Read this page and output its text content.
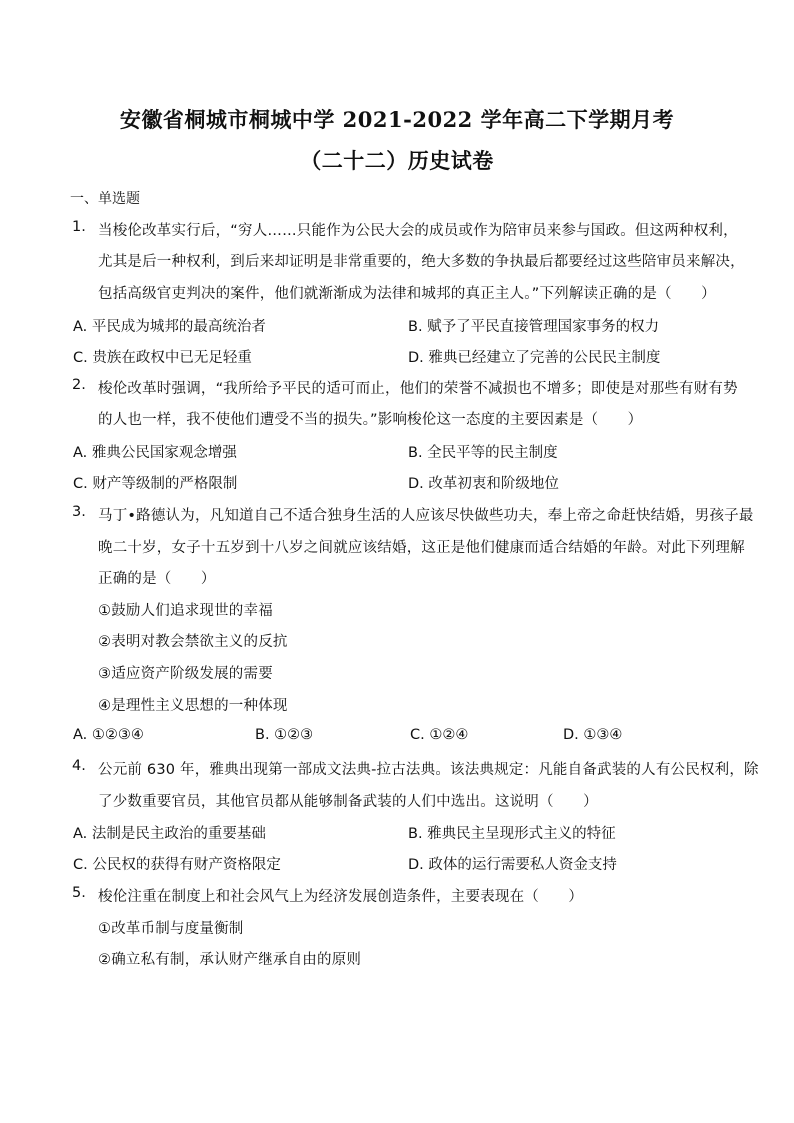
安徽省桐城市桐城中学 2021-2022 学年高二下学期月考
（二十二）历史试卷
一、单选题
1. 当梭伦改革实行后，“穷人……只能作为公民大会的成员或作为陪审员来参与国政。但这两种权利，
尤其是后一种权利，到后来却证明是非常重要的，绝大多数的争执最后都要经过这些陪审员来解决，
包括高级官吏判决的案件，他们就渐渐成为法律和城邦的真正主人。”下列解读正确的是（　　）
A. 平民成为城邦的最高统治者	B. 赋予了平民直接管理国家事务的权力
C. 贵族在政权中已无足轻重	D. 雅典已经建立了完善的公民民主制度
2. 梭伦改革时强调，“我所给予平民的适可而止，他们的荣誉不减损也不增多；即使是对那些有财有势
的人也一样，我不使他们遭受不当的损失。”影响梭伦这一态度的主要因素是（　　）
A. 雅典公民国家观念增强	B. 全民平等的民主制度
C. 财产等级制的严格限制	D. 改革初衷和阶级地位
3. 马丁•路德认为，凡知道自己不适合独身生活的人应该尽快做些功夫，奉上帝之命赶快结婚，男孩子最
晚二十岁，女子十五岁到十八岁之间就应该结婚，这正是他们健康而适合结婚的年龄。对此下列理解
正确的是（　　）
①鼓励人们追求现世的幸福
②表明对教会禁欲主义的反抗
③适应资产阶级发展的需要
④是理性主义思想的一种体现
A. ①②③④	B. ①②③	C. ①②④	D. ①③④
4. 公元前 630 年，雅典出现第一部成文法典-拉古法典。该法典规定：凡能自备武装的人有公民权利，除
了少数重要官员，其他官员都从能够制备武装的人们中选出。这说明（　　）
A. 法制是民主政治的重要基础	B. 雅典民主呈现形式主义的特征
C. 公民权的获得有财产资格限定	D. 政体的运行需要私人资金支持
5. 梭伦注重在制度上和社会风气上为经济发展创造条件，主要表现在（　　）
①改革币制与度量衡制
②确立私有制，承认财产继承自由的原则
